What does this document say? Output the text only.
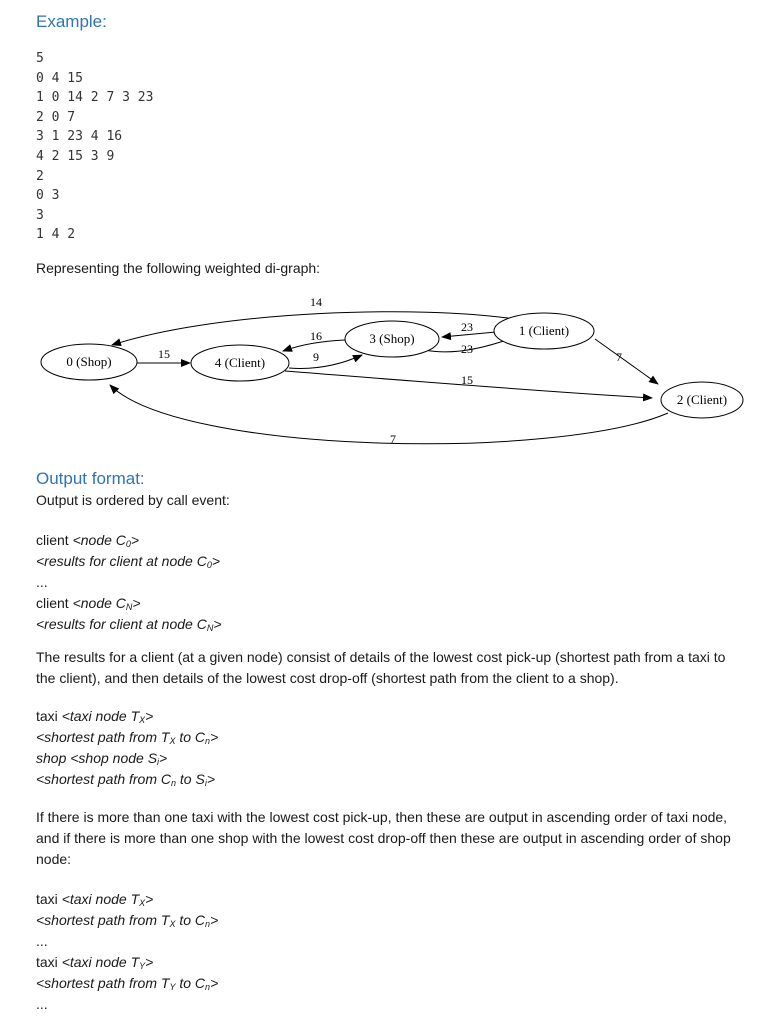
Example:

5
0 4 15
1 0 14 2 7 3 23
2 0 7
3 1 23 4 16
4 2 15 3 9
2
0 3
3
1 4 2

Representing the following weighted di-graph:

0 (Shop)	4 (Client)
3 (Shop)
1 (Client)
2 (Client)
14
16
9
23
23
15
15
7
7

Output format:

Output is ordered by call event:

client <node $C_0>$

<results for client at node $C_0>$

...

client <node $C_N>$

<results for client at node $C_N>$

The results for a client (at a given node) consist of details of the lowest cost pick-up (shortest path from a taxi to the client), and then details of the lowest cost drop-off (shortest path from the client to a shop).

taxi <taxi node $T_X>$

<shortest path from $T_X$ to $C_n>$

shop <shop node $S_i>$

<shortest path from $C_n$ to $S_i>$

If there is more than one taxi with the lowest cost pick-up, then these are output in ascending order of taxi node, and if there is more than one shop with the lowest cost drop-off then these are output in ascending order of shop node:

taxi <taxi node $T_X>$

<shortest path from $T_X$ to $C_n>$

...

taxi <taxi node $T_Y>$

<shortest path from $T_Y$ to $C_n>$

...
